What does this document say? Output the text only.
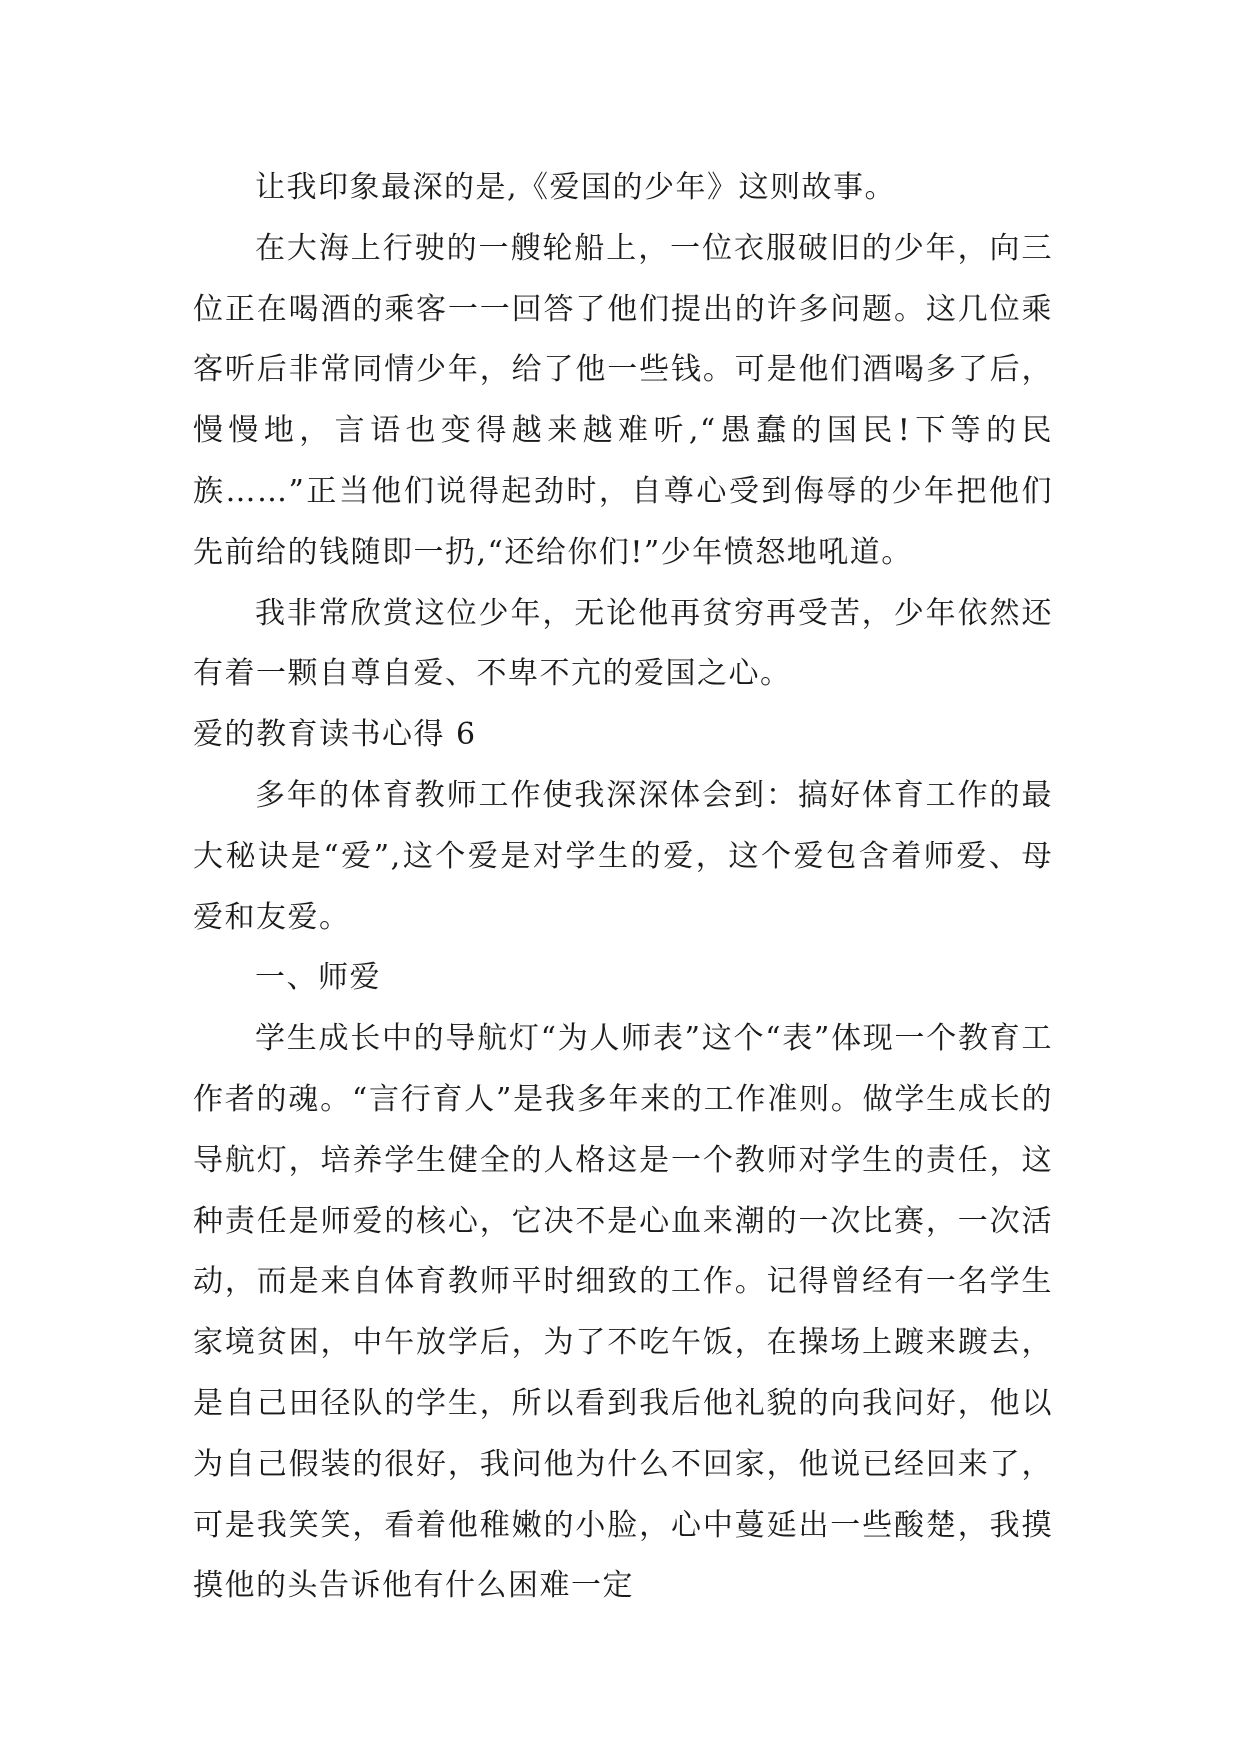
让我印象最深的是,《爱国的少年》这则故事。

在大海上行驶的一艘轮船上，一位衣服破旧的少年，向三位正在喝酒的乘客一一回答了他们提出的许多问题。这几位乘客听后非常同情少年，给了他一些钱。可是他们酒喝多了后，慢慢地，言语也变得越来越难听,“愚蠢的国民!下等的民族……”正当他们说得起劲时，自尊心受到侮辱的少年把他们先前给的钱随即一扔,“还给你们!”少年愤怒地吼道。

我非常欣赏这位少年，无论他再贫穷再受苦，少年依然还有着一颗自尊自爱、不卑不亢的爱国之心。

爱的教育读书心得 6

多年的体育教师工作使我深深体会到：搞好体育工作的最大秘诀是“爱”,这个爱是对学生的爱，这个爱包含着师爱、母爱和友爱。

一、师爱

学生成长中的导航灯“为人师表”这个“表”体现一个教育工作者的魂。“言行育人”是我多年来的工作准则。做学生成长的导航灯，培养学生健全的人格这是一个教师对学生的责任，这种责任是师爱的核心，它决不是心血来潮的一次比赛，一次活动，而是来自体育教师平时细致的工作。记得曾经有一名学生家境贫困，中午放学后，为了不吃午饭，在操场上踱来踱去，是自己田径队的学生，所以看到我后他礼貌的向我问好，他以为自己假装的很好，我问他为什么不回家，他说已经回来了，可是我笑笑，看着他稚嫩的小脸，心中蔓延出一些酸楚，我摸摸他的头告诉他有什么困难一定
